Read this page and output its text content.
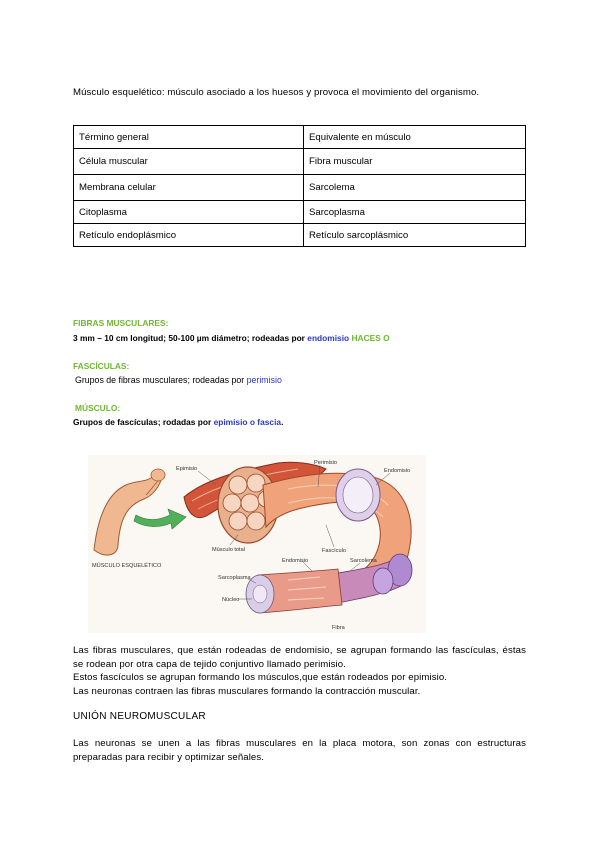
Músculo esquelético: músculo asociado a los huesos y provoca el movimiento del organismo.
Término general	Equivalente en músculo
Célula muscular	Fibra muscular
Membrana celular	Sarcolema
Citoplasma	Sarcoplasma
Retículo endoplásmico	Retículo sarcoplásmico
FIBRAS MUSCULARES:
3 mm – 10 cm longitud; 50-100 µm diámetro; rodeadas por endomisio HACES O
FASCÍCULAS:
Grupos de fibras musculares; rodeadas por perimisio
MÚSCULO:
Grupos de fascículas; rodadas por epimisio o fascia.
Epimisio
Perimisio
Endomisio
Músculo total	Fascículo
MÚSCULO ESQUELÉTICO
Endomisio	Sarcolema
Sarcoplasma
Núcleo
Fibra
Las fibras musculares, que están rodeadas de endomisio, se agrupan formando las fascículas, éstas
se rodean por otra capa de tejido conjuntivo llamado perimisio.
Estos fascículos se agrupan formando los músculos,que están rodeados por epimisio.
Las neuronas contraen las fibras musculares formando la contracción muscular.
UNIÓN NEUROMUSCULAR
Las neuronas se unen a las fibras musculares en la placa motora, son zonas con estructuras
preparadas para recibir y optimizar señales.
